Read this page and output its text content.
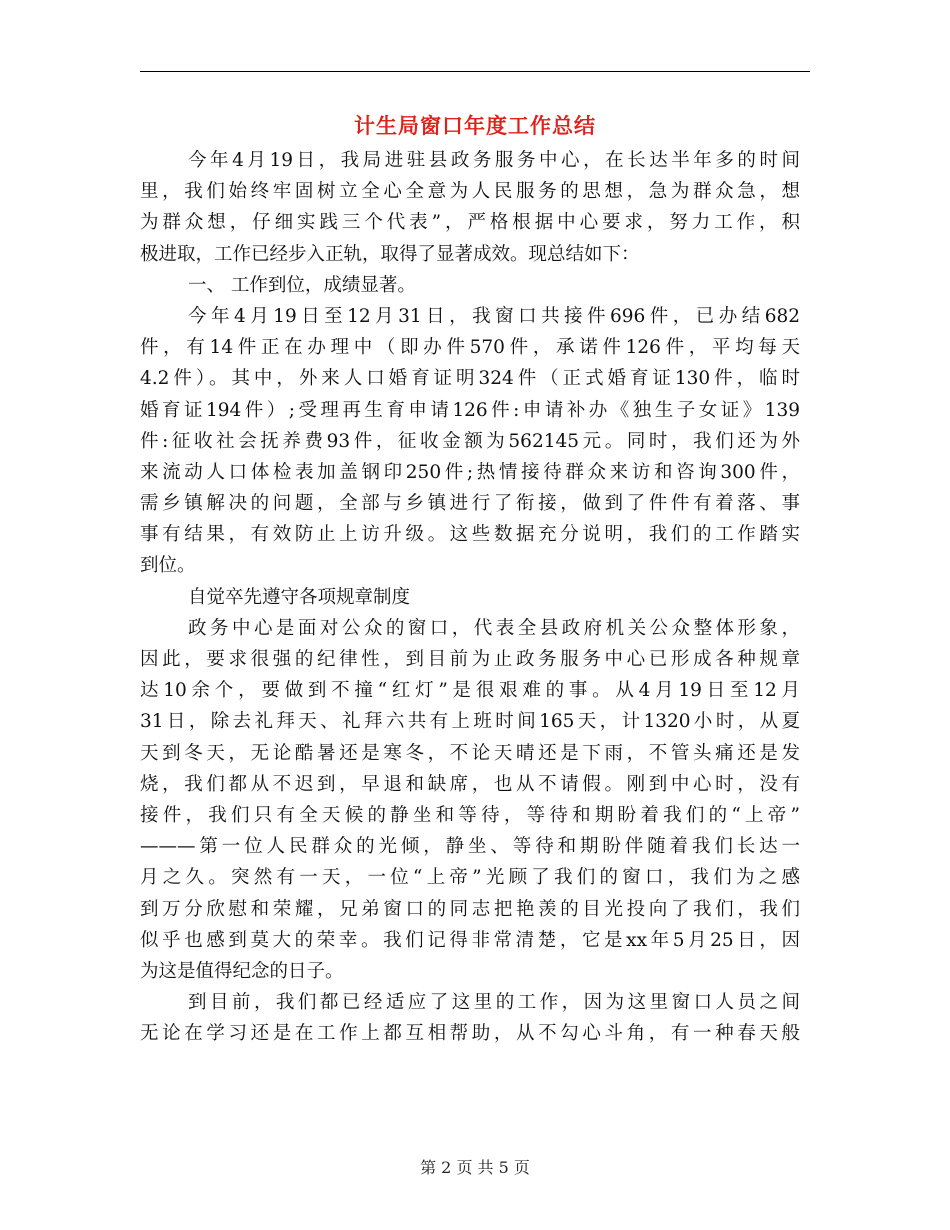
计生局窗口年度工作总结
今年4月19日，我局进驻县政务服务中心，在长达半年多的时间
里，我们始终牢固树立全心全意为人民服务的思想，急为群众急，想
为群众想，仔细实践三个代表”，严格根据中心要求，努力工作，积
极进取，工作已经步入正轨，取得了显著成效。现总结如下：
一、 工作到位，成绩显著。
今年4月19日至12月31日，我窗口共接件696件，已办结682
件，有14件正在办理中（即办件570件，承诺件126件，平均每天
4.2件）。其中，外来人口婚育证明324件（正式婚育证130件，临时
婚育证194件）;受理再生育申请126件:申请补办《独生子女证》139
件:征收社会抚养费93件，征收金额为562145元。同时，我们还为外
来流动人口体检表加盖钢印250件;热情接待群众来访和咨询300件，
需乡镇解决的问题，全部与乡镇进行了衔接，做到了件件有着落、事
事有结果，有效防止上访升级。这些数据充分说明，我们的工作踏实
到位。
自觉卒先遵守各项规章制度
政务中心是面对公众的窗口，代表全县政府机关公众整体形象，
因此，要求很强的纪律性，到目前为止政务服务中心已形成各种规章
达10余个，要做到不撞“红灯”是很艰难的事。从4月19日至12月
31日，除去礼拜天、礼拜六共有上班时间165天，计1320小时，从夏
天到冬天，无论酷暑还是寒冬，不论天晴还是下雨，不管头痛还是发
烧，我们都从不迟到，早退和缺席，也从不请假。刚到中心时，没有
接件，我们只有全天候的静坐和等待，等待和期盼着我们的“上帝”
———第一位人民群众的光倾，静坐、等待和期盼伴随着我们长达一
月之久。突然有一天，一位“上帝”光顾了我们的窗口，我们为之感
到万分欣慰和荣耀，兄弟窗口的同志把艳羡的目光投向了我们，我们
似乎也感到莫大的荣幸。我们记得非常清楚，它是xx年5月25日，因
为这是值得纪念的日子。
到目前，我们都已经适应了这里的工作，因为这里窗口人员之间
无论在学习还是在工作上都互相帮助，从不勾心斗角，有一种春天般
第 2 页 共 5 页
